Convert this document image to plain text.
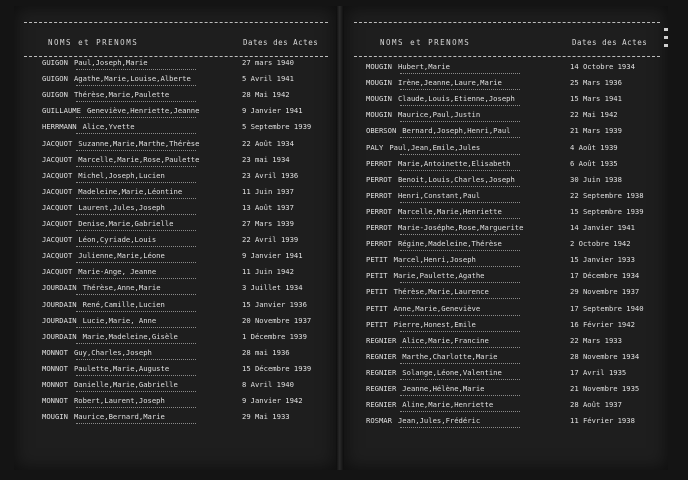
NOMS et PRENOMS	Dates des Actes
GUIGON Paul,Joseph,Marie	27 mars 1940
GUIGON Agathe,Marie,Louise,Alberte	5 Avril 1941
GUIGON Thérèse,Marie,Paulette	28 Mai 1942
GUILLAUME Geneviève,Henriette,Jeanne	9 Janvier 1941
HERRMANN Alice,Yvette	5 Septembre 1939
JACQUOT Suzanne,Marie,Marthe,Thérèse	22 Août 1934
JACQUOT Marcelle,Marie,Rose,Paulette	23 mai 1934
JACQUOT Michel,Joseph,Lucien	23 Avril 1936
JACQUOT Madeleine,Marie,Léontine	11 Juin 1937
JACQUOT Laurent,Jules,Joseph	13 Août 1937
JACQUOT Denise,Marie,Gabrielle	27 Mars 1939
JACQUOT Léon,Cyriade,Louis	22 Avril 1939
JACQUOT Julienne,Marie,Léone	9 Janvier 1941
JACQUOT Marie-Ange, Jeanne	11 Juin 1942
JOURDAIN Thérèse,Anne,Marie	3 Juillet 1934
JOURDAIN René,Camille,Lucien	15 Janvier 1936
JOURDAIN Lucie,Marie, Anne	20 Novembre 1937
JOURDAIN Marie,Madeleine,Gisèle	1 Décembre 1939
MONNOT Guy,Charles,Joseph	28 mai 1936
MONNOT Paulette,Marie,Auguste	15 Décembre 1939
MONNOT Danielle,Marie,Gabrielle	8 Avril 1940
MONNOT Robert,Laurent,Joseph	9 Janvier 1942
MOUGIN Maurice,Bernard,Marie	29 Mai 1933
NOMS et PRENOMS	Dates des Actes
MOUGIN Hubert,Marie	14 Octobre 1934
MOUGIN Irène,Jeanne,Laure,Marie	25 Mars 1936
MOUGIN Claude,Louis,Etienne,Joseph	15 Mars 1941
MOUGIN Maurice,Paul,Justin	22 Mai 1942
OBERSON Bernard,Joseph,Henri,Paul	21 Mars 1939
PALY Paul,Jean,Emile,Jules	4 Août 1939
PERROT Marie,Antoinette,Elisabeth	6 Août 1935
PERROT Benoit,Louis,Charles,Joseph	30 Juin 1938
PERROT Henri,Constant,Paul	22 Septembre 1938
PERROT Marcelle,Marie,Henriette	15 Septembre 1939
PERROT Marie-Joséphe,Rose,Marguerite	14 Janvier 1941
PERROT Régine,Madeleine,Thérèse	2 Octobre 1942
PETIT Marcel,Henri,Joseph	15 Janvier 1933
PETIT Marie,Paulette,Agathe	17 Décembre 1934
PETIT Thérèse,Marie,Laurence	29 Novembre 1937
PETIT Anne,Marie,Geneviève	17 Septembre 1940
PETIT Pierre,Honest,Emile	16 Février 1942
REGNIER Alice,Marie,Francine	22 Mars 1933
REGNIER Marthe,Charlotte,Marie	28 Novembre 1934
REGNIER Solange,Léone,Valentine	17 Avril 1935
REGNIER Jeanne,Hélène,Marie	21 Novembre 1935
REGNIER Aline,Marie,Henriette	28 Août 1937
ROSMAR Jean,Jules,Frédéric	11 Février 1938
